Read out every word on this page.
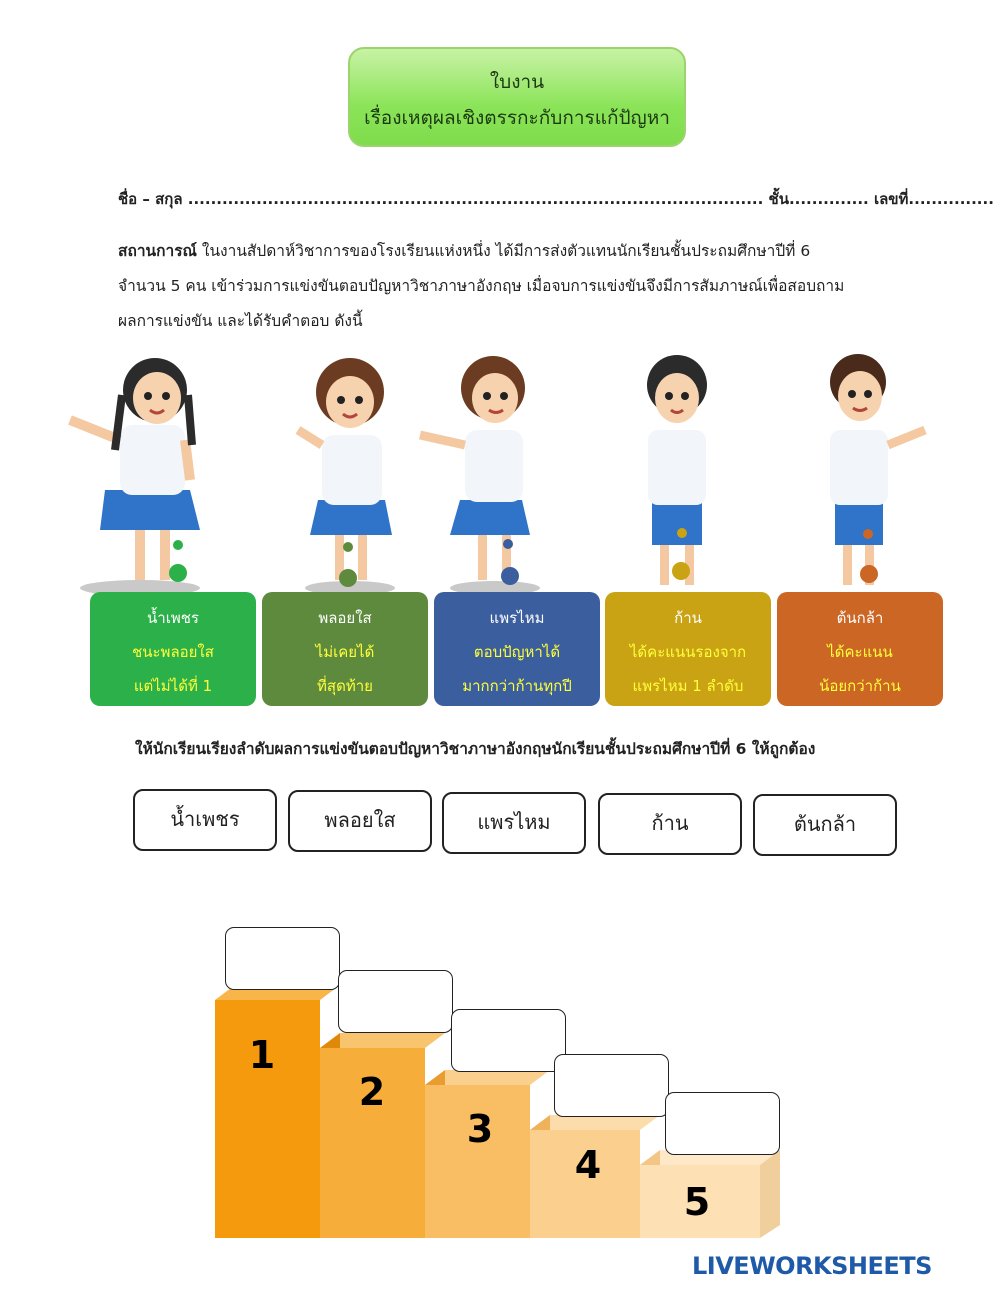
ใบงาน
เรื่องเหตุผลเชิงตรรกะกับการแก้ปัญหา
ชื่อ – สกุล ..................................................................................................... ชั้น.............. เลขที่...............
สถานการณ์ ในงานสัปดาห์วิชาการของโรงเรียนแห่งหนึ่ง ได้มีการส่งตัวแทนนักเรียนชั้นประถมศึกษาปีที่ 6
จำนวน 5 คน เข้าร่วมการแข่งขันตอบปัญหาวิชาภาษาอังกฤษ เมื่อจบการแข่งขันจึงมีการสัมภาษณ์เพื่อสอบถาม
ผลการแข่งขัน และได้รับคำตอบ ดังนี้
น้ำเพชร
ชนะพลอยใส
แต่ไม่ได้ที่ 1
พลอยใส
ไม่เคยได้
ที่สุดท้าย
แพรไหม
ตอบปัญหาได้
มากกว่าก้านทุกปี
ก้าน
ได้คะแนนรองจาก
แพรไหม 1 ลำดับ
ต้นกล้า
ได้คะแนน
น้อยกว่าก้าน
ให้นักเรียนเรียงลำดับผลการแข่งขันตอบปัญหาวิชาภาษาอังกฤษนักเรียนชั้นประถมศึกษาปีที่ 6 ให้ถูกต้อง
น้ำเพชร	พลอยใส	แพรไหม	ก้าน	ต้นกล้า
1
2
3
4
5
LIVEWORKSHEETS
